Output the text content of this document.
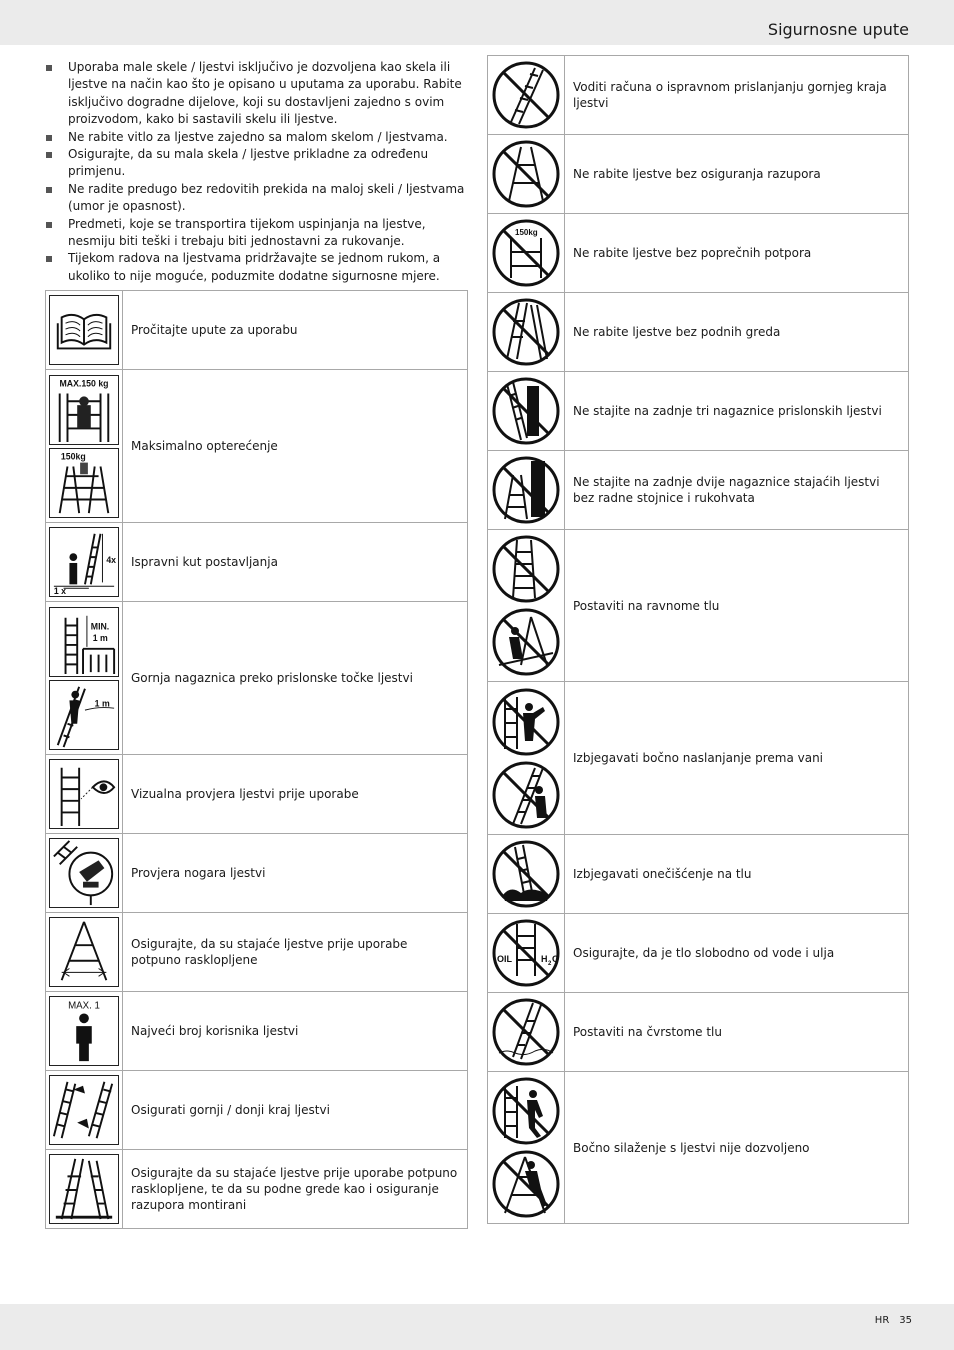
Sigurnosne upute
Uporaba male skele / ljestvi isključivo je dozvoljena kao skela ili ljestve na način kao što je opisano u uputama za uporabu. Rabite isključivo dogradne dijelove, koji su dostavljeni zajedno s ovim proizvodom, kako bi sastavili skelu ili ljestve.
Ne rabite vitlo za ljestve zajedno sa malom skelom / ljestvama.
Osigurajte, da su mala skela / ljestve prikladne za određenu primjenu.
Ne radite predugo bez redovitih prekida na maloj skeli / ljestvama (umor je opasnost).
Predmeti, koje se transportira tijekom uspinjanja na ljestve, nesmiju biti teški i trebaju biti jednostavni za rukovanje.
Tijekom radova na ljestvama pridržavajte se jednom rukom, a ukoliko to nije moguće, poduzmite dodatne sigurnosne mjere.
	Pročitajte upute za uporabu

MAX.150 kg
150kg	Maksimalno opterećenje

4x
1 x	Ispravni kut postavljanja

MIN.
1 m
1 m	Gornja nagaznica preko prislonske točke ljestvi

	Vizualna provjera ljestvi prije uporabe

	Provjera nogara ljestvi

	Osigurajte, da su stajaće ljestve prije uporabe potpuno rasklopljene

MAX. 1	Najveći broj korisnika ljestvi

	Osigurati gornji / donji kraj ljestvi

	Osigurajte da su stajaće ljestve prije uporabe potpuno rasklopljene, te da su podne grede kao i osiguranje razupora montirani
	Voditi računa o ispravnom prislanjanju gornjeg kraja ljestvi

	Ne rabite ljestve bez osiguranja razupora

150kg	Ne rabite ljestve bez poprečnih potpora

	Ne rabite ljestve bez podnih greda

	Ne stajite na zadnje tri nagaznice prislonskih ljestvi

	Ne stajite na zadnje dvije nagaznice stajaćih ljestvi bez radne stojnice i rukohvata

	Postaviti na ravnome tlu

	Izbjegavati bočno naslanjanje prema vani

	Izbjegavati onečišćenje na tlu

OIL H 2 O	Osigurajte, da je tlo slobodno od vode i ulja

	Postaviti na čvrstome tlu

	Bočno silaženje s ljestvi nije dozvoljeno
HR 35
